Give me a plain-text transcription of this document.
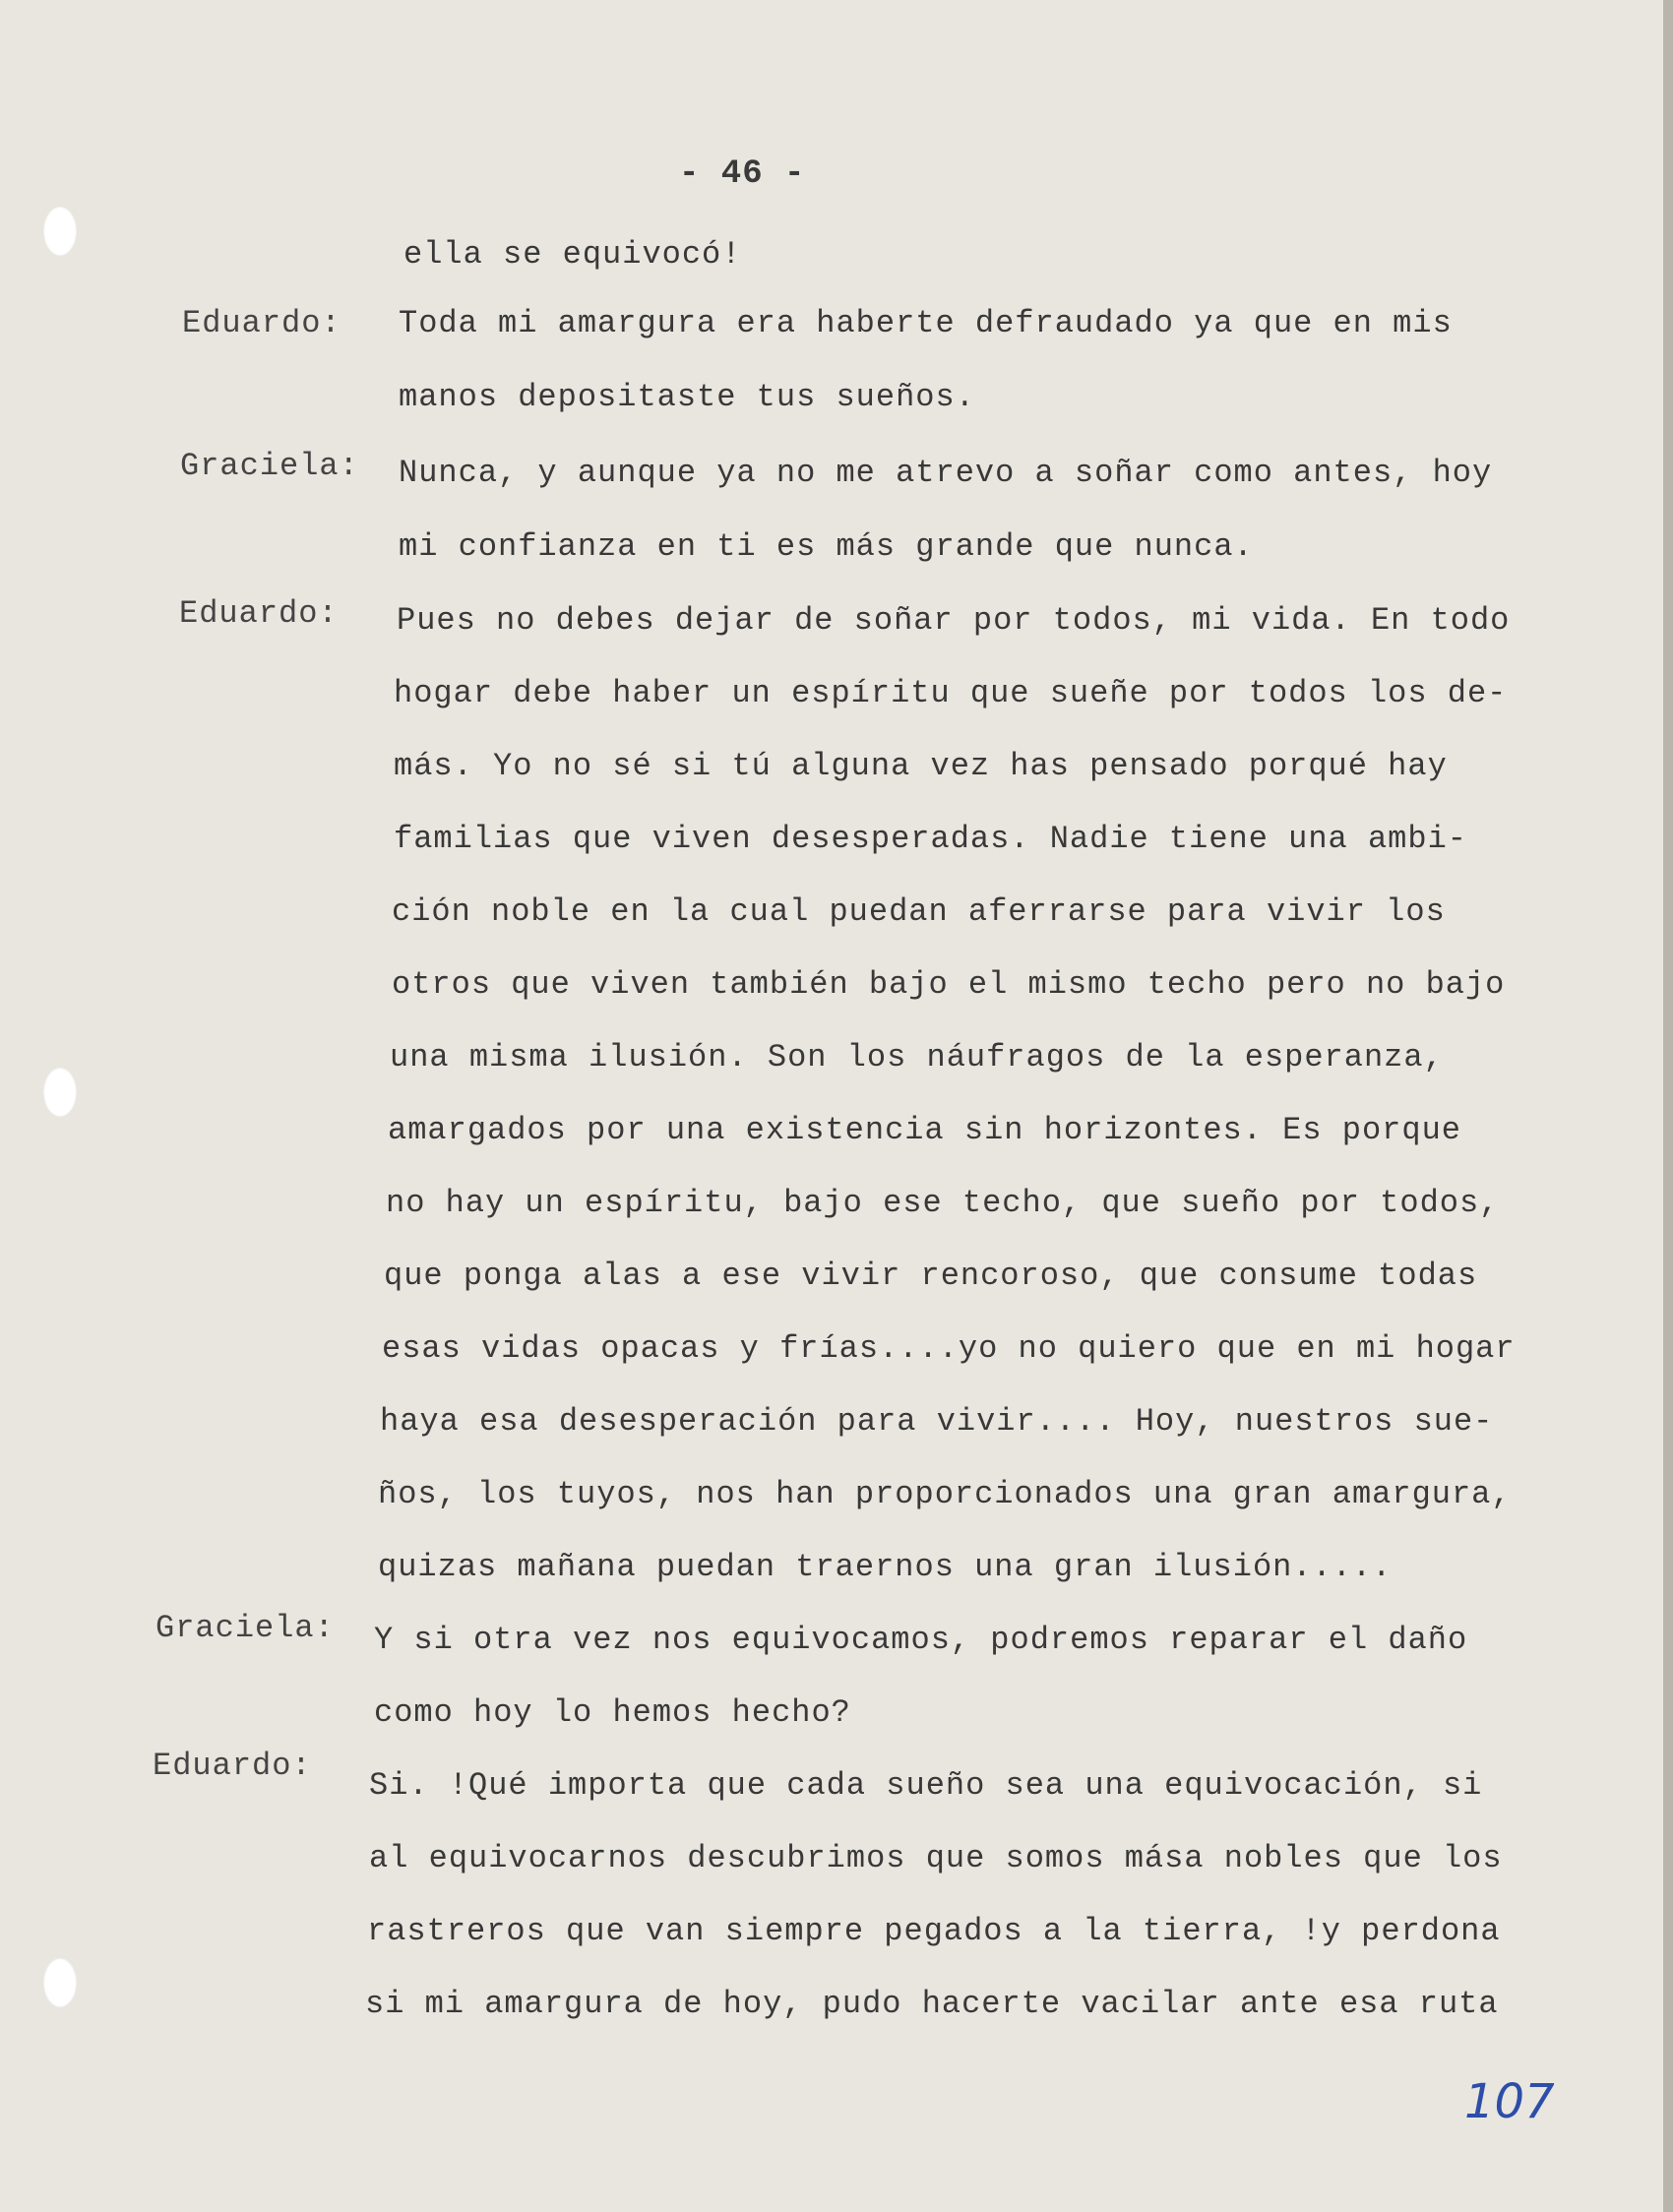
- 46 -
ella se equivocó!
Eduardo: Toda mi amargura era haberte defraudado ya que en mis
manos depositaste tus sueños.
Graciela: Nunca, y aunque ya no me atrevo a soñar como antes, hoy
mi confianza en ti es más grande que nunca.
Eduardo: Pues no debes dejar de soñar por todos, mi vida. En todo
hogar debe haber un espíritu que sueñe por todos los de-
más. Yo no sé si tú alguna vez has pensado porqué hay
familias que viven desesperadas. Nadie tiene una ambi-
ción noble en la cual puedan aferrarse para vivir los
otros que viven también bajo el mismo techo pero no bajo
una misma ilusión. Son los náufragos de la esperanza,
amargados por una existencia sin horizontes. Es porque
no hay un espíritu, bajo ese techo, que sueño por todos,
que ponga alas a ese vivir rencoroso, que consume todas
esas vidas opacas y frías....yo no quiero que en mi hogar
haya esa desesperación para vivir.... Hoy, nuestros sue-
ños, los tuyos, nos han proporcionados una gran amargura,
quizas mañana puedan traernos una gran ilusión.....
Graciela: Y si otra vez nos equivocamos, podremos reparar el daño
como hoy lo hemos hecho?
Eduardo:
Si. !Qué importa que cada sueño sea una equivocación, si
al equivocarnos descubrimos que somos mása nobles que los
rastreros que van siempre pegados a la tierra, !y perdona
si mi amargura de hoy, pudo hacerte vacilar ante esa ruta
107
